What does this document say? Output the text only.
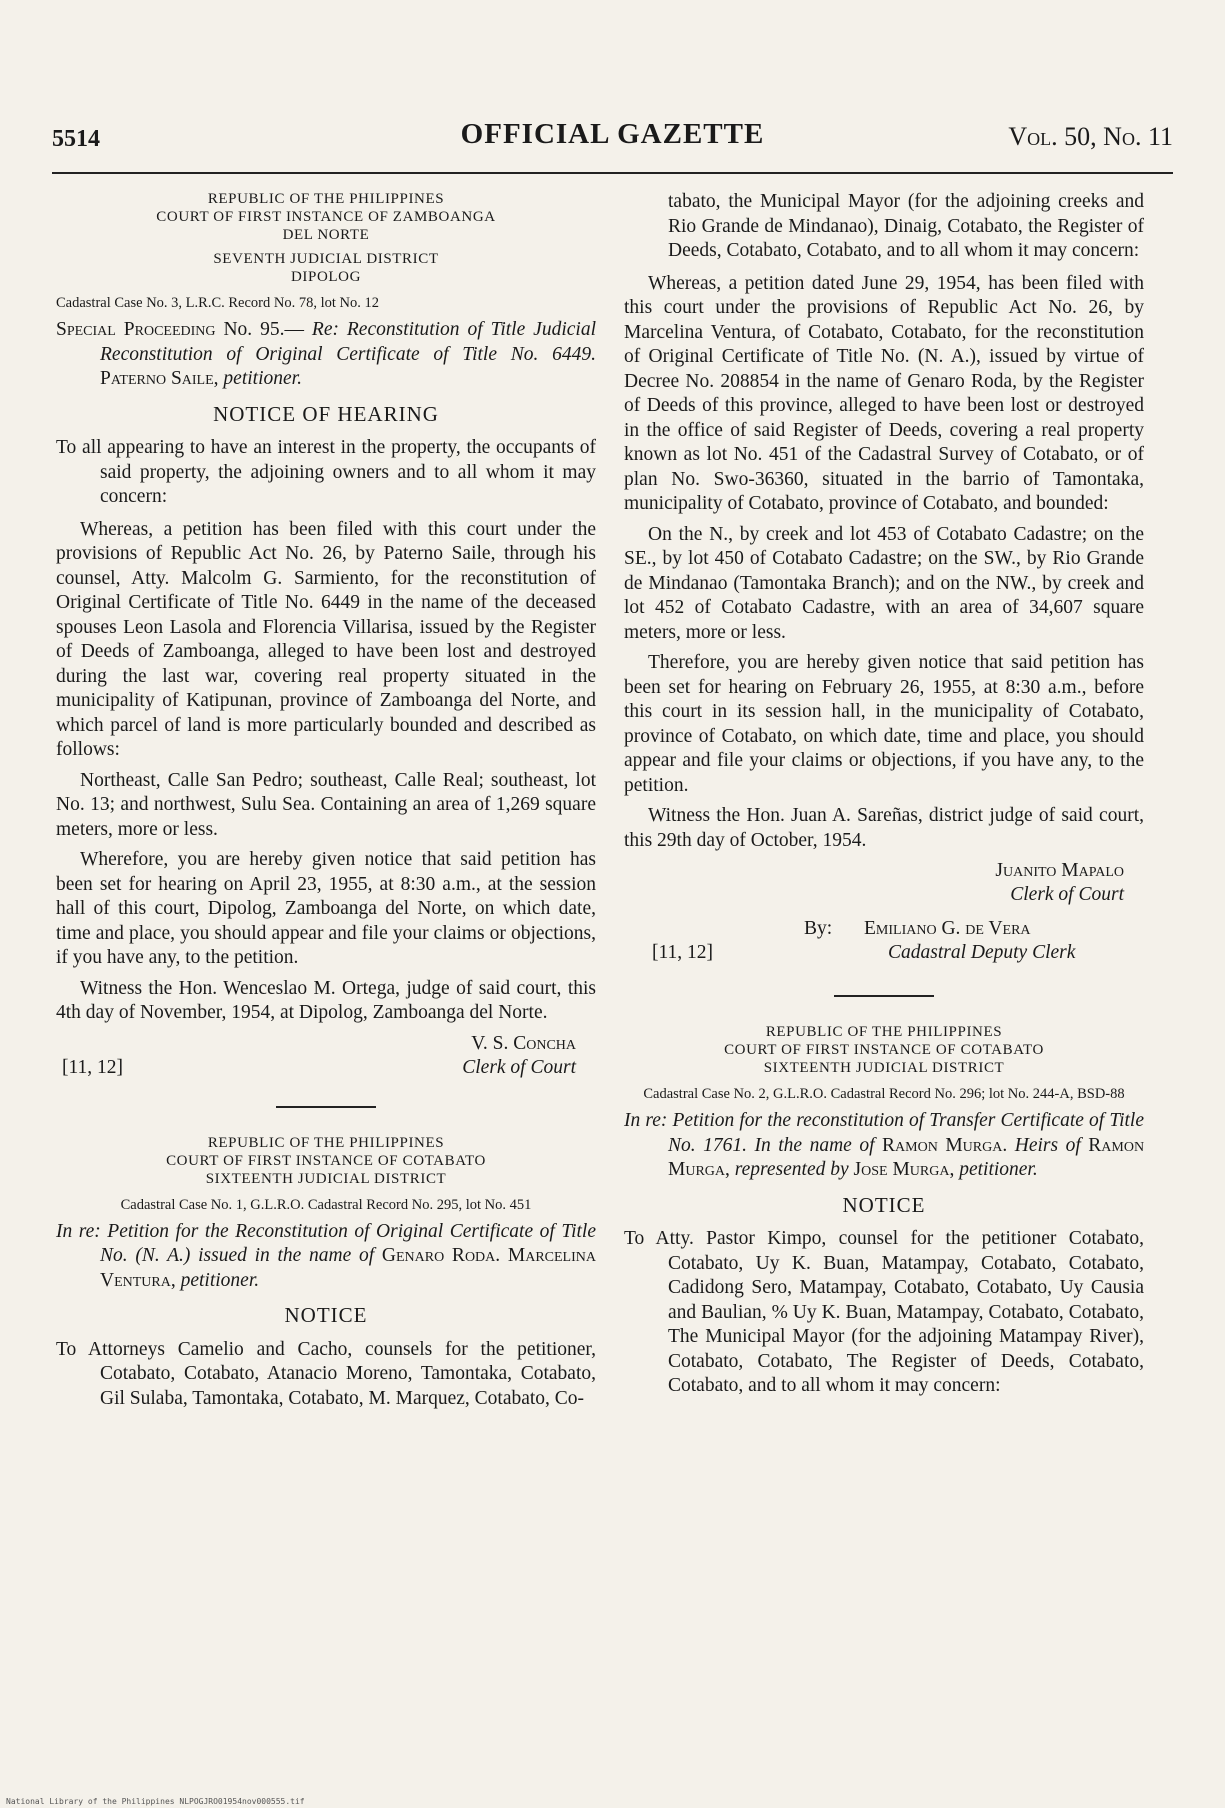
5514	OFFICIAL GAZETTE	Vol. 50, No. 11
REPUBLIC OF THE PHILIPPINES
COURT OF FIRST INSTANCE OF ZAMBOANGA
DEL NORTE
SEVENTH JUDICIAL DISTRICT
DIPOLOG
Cadastral Case No. 3, L.R.C. Record No. 78, lot No. 12

Special Proceeding No. 95.— Re: Reconstitution of Title Judicial Reconstitution of Original Certificate of Title No. 6449. Paterno Saile, petitioner.

NOTICE OF HEARING

To all appearing to have an interest in the property, the occupants of said property, the adjoining owners and to all whom it may concern:

Whereas, a petition has been filed with this court under the provisions of Republic Act No. 26, by Paterno Saile, through his counsel, Atty. Malcolm G. Sarmiento, for the reconstitution of Original Certificate of Title No. 6449 in the name of the deceased spouses Leon Lasola and Florencia Villarisa, issued by the Register of Deeds of Zamboanga, alleged to have been lost and destroyed during the last war, covering real property situated in the municipality of Katipunan, province of Zamboanga del Norte, and which parcel of land is more particularly bounded and described as follows:

Northeast, Calle San Pedro; southeast, Calle Real; southeast, lot No. 13; and northwest, Sulu Sea. Containing an area of 1,269 square meters, more or less.

Wherefore, you are hereby given notice that said petition has been set for hearing on April 23, 1955, at 8:30 a.m., at the session hall of this court, Dipolog, Zamboanga del Norte, on which date, time and place, you should appear and file your claims or objections, if you have any, to the petition.

Witness the Hon. Wenceslao M. Ortega, judge of said court, this 4th day of November, 1954, at Dipolog, Zamboanga del Norte.

V. S. Concha
Clerk of Court
[11, 12]
REPUBLIC OF THE PHILIPPINES
COURT OF FIRST INSTANCE OF COTABATO
SIXTEENTH JUDICIAL DISTRICT
Cadastral Case No. 1, G.L.R.O. Cadastral Record No. 295, lot No. 451

In re: Petition for the Reconstitution of Original Certificate of Title No. (N. A.) issued in the name of Genaro Roda. Marcelina Ventura, petitioner.

NOTICE

To Attorneys Camelio and Cacho, counsels for the petitioner, Cotabato, Cotabato, Atanacio Moreno, Tamontaka, Cotabato, Gil Sulaba, Tamontaka, Cotabato, M. Marquez, Cotabato, Co-

tabato, the Municipal Mayor (for the adjoining creeks and Rio Grande de Mindanao), Dinaig, Cotabato, the Register of Deeds, Cotabato, Cotabato, and to all whom it may concern:

Whereas, a petition dated June 29, 1954, has been filed with this court under the provisions of Republic Act No. 26, by Marcelina Ventura, of Cotabato, Cotabato, for the reconstitution of Original Certificate of Title No. (N. A.), issued by virtue of Decree No. 208854 in the name of Genaro Roda, by the Register of Deeds of this province, alleged to have been lost or destroyed in the office of said Register of Deeds, covering a real property known as lot No. 451 of the Cadastral Survey of Cotabato, or of plan No. Swo-36360, situated in the barrio of Tamontaka, municipality of Cotabato, province of Cotabato, and bounded:

On the N., by creek and lot 453 of Cotabato Cadastre; on the SE., by lot 450 of Cotabato Cadastre; on the SW., by Rio Grande de Mindanao (Tamontaka Branch); and on the NW., by creek and lot 452 of Cotabato Cadastre, with an area of 34,607 square meters, more or less.

Therefore, you are hereby given notice that said petition has been set for hearing on February 26, 1955, at 8:30 a.m., before this court in its session hall, in the municipality of Cotabato, province of Cotabato, on which date, time and place, you should appear and file your claims or objections, if you have any, to the petition.

Witness the Hon. Juan A. Sareñas, district judge of said court, this 29th day of October, 1954.

Juanito Mapalo
Clerk of Court
By: Emiliano G. de Vera
Cadastral Deputy Clerk
[11, 12]
REPUBLIC OF THE PHILIPPINES
COURT OF FIRST INSTANCE OF COTABATO
SIXTEENTH JUDICIAL DISTRICT
Cadastral Case No. 2, G.L.R.O. Cadastral Record No. 296; lot No. 244-A, BSD-88

In re: Petition for the reconstitution of Transfer Certificate of Title No. 1761. In the name of Ramon Murga. Heirs of Ramon Murga, represented by Jose Murga, petitioner.

NOTICE

To Atty. Pastor Kimpo, counsel for the petitioner Cotabato, Cotabato, Uy K. Buan, Matampay, Cotabato, Cotabato, Cadidong Sero, Matampay, Cotabato, Cotabato, Uy Causia and Baulian, % Uy K. Buan, Matampay, Cotabato, Cotabato, The Municipal Mayor (for the adjoining Matampay River), Cotabato, Cotabato, The Register of Deeds, Cotabato, Cotabato, and to all whom it may concern:

National Library of the Philippines NLPOGJRO01954nov000555.tif
